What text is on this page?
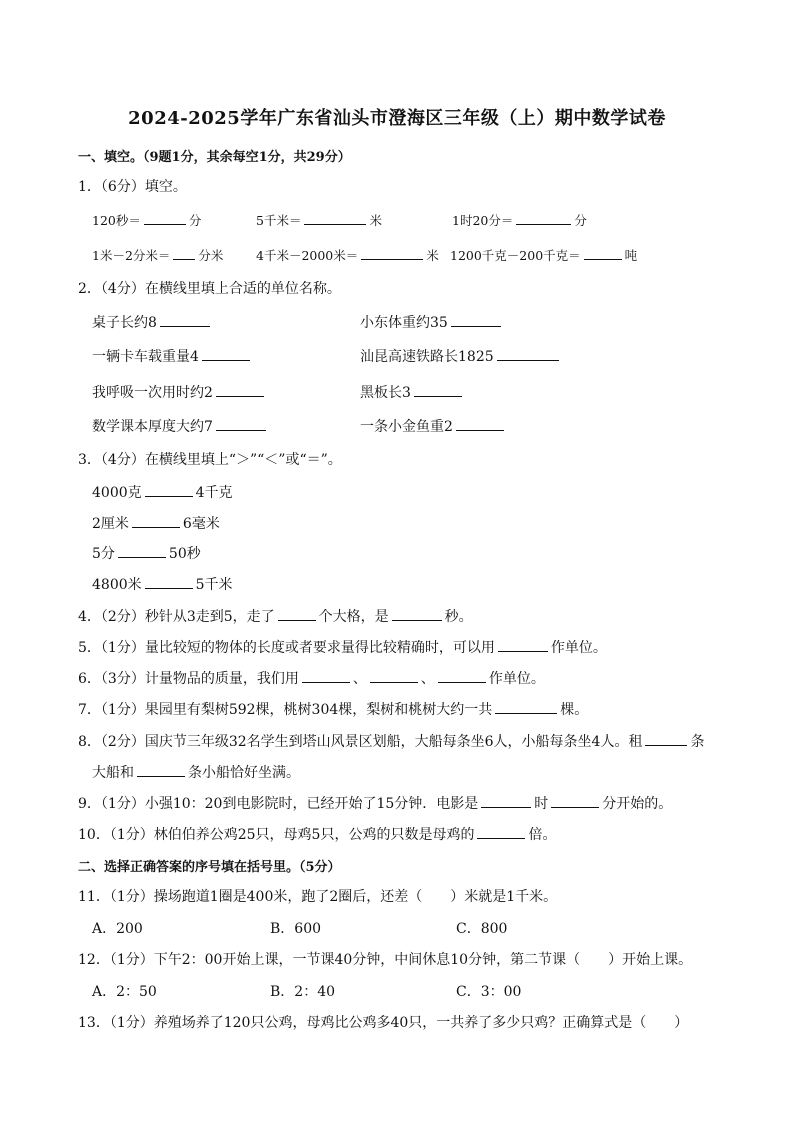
2024-2025学年广东省汕头市澄海区三年级（上）期中数学试卷
一、填空。（9题1分，其余每空1分，共29分）
1．（6分）填空。
120秒＝	分	5千米＝	米	1时20分＝	分
1米－2分米＝ 分米	4千米－2000米＝	米 1200千克－200千克＝	吨
2．（4分）在横线里填上合适的单位名称。
桌子长约8	小东体重约35
一辆卡车载重量4	汕昆高速铁路长1825
我呼吸一次用时约2	黑板长3
数学课本厚度大约7	一条小金鱼重2
3．（4分）在横线里填上“＞”“＜”或“＝”。
4000克	4千克
2厘米	6毫米
5分	50秒
4800米	5千米
4．（2分）秒针从3走到5，走了	个大格，是	秒。
5．（1分）量比较短的物体的长度或者要求量得比较精确时，可以用	作单位。
6．（3分）计量物品的质量，我们用	、	、	作单位。
7．（1分）果园里有梨树592棵，桃树304棵，梨树和桃树大约一共	棵。
8．（2分）国庆节三年级32名学生到塔山风景区划船，大船每条坐6人，小船每条坐4人。租	条
大船和	条小船恰好坐满。
9．（1分）小强10：20到电影院时，已经开始了15分钟．电影是	时	分开始的。
10．（1分）林伯伯养公鸡25只，母鸡5只，公鸡的只数是母鸡的	倍。
二、选择正确答案的序号填在括号里。（5分）
11．（1分）操场跑道1圈是400米，跑了2圈后，还差（　　）米就是1千米。
A．200	B．600	C．800
12．（1分）下午2：00开始上课，一节课40分钟，中间休息10分钟，第二节课（　　）开始上课。
A．2：50	B．2：40	C．3：00
13．（1分）养殖场养了120只公鸡，母鸡比公鸡多40只，一共养了多少只鸡？正确算式是（　　）
